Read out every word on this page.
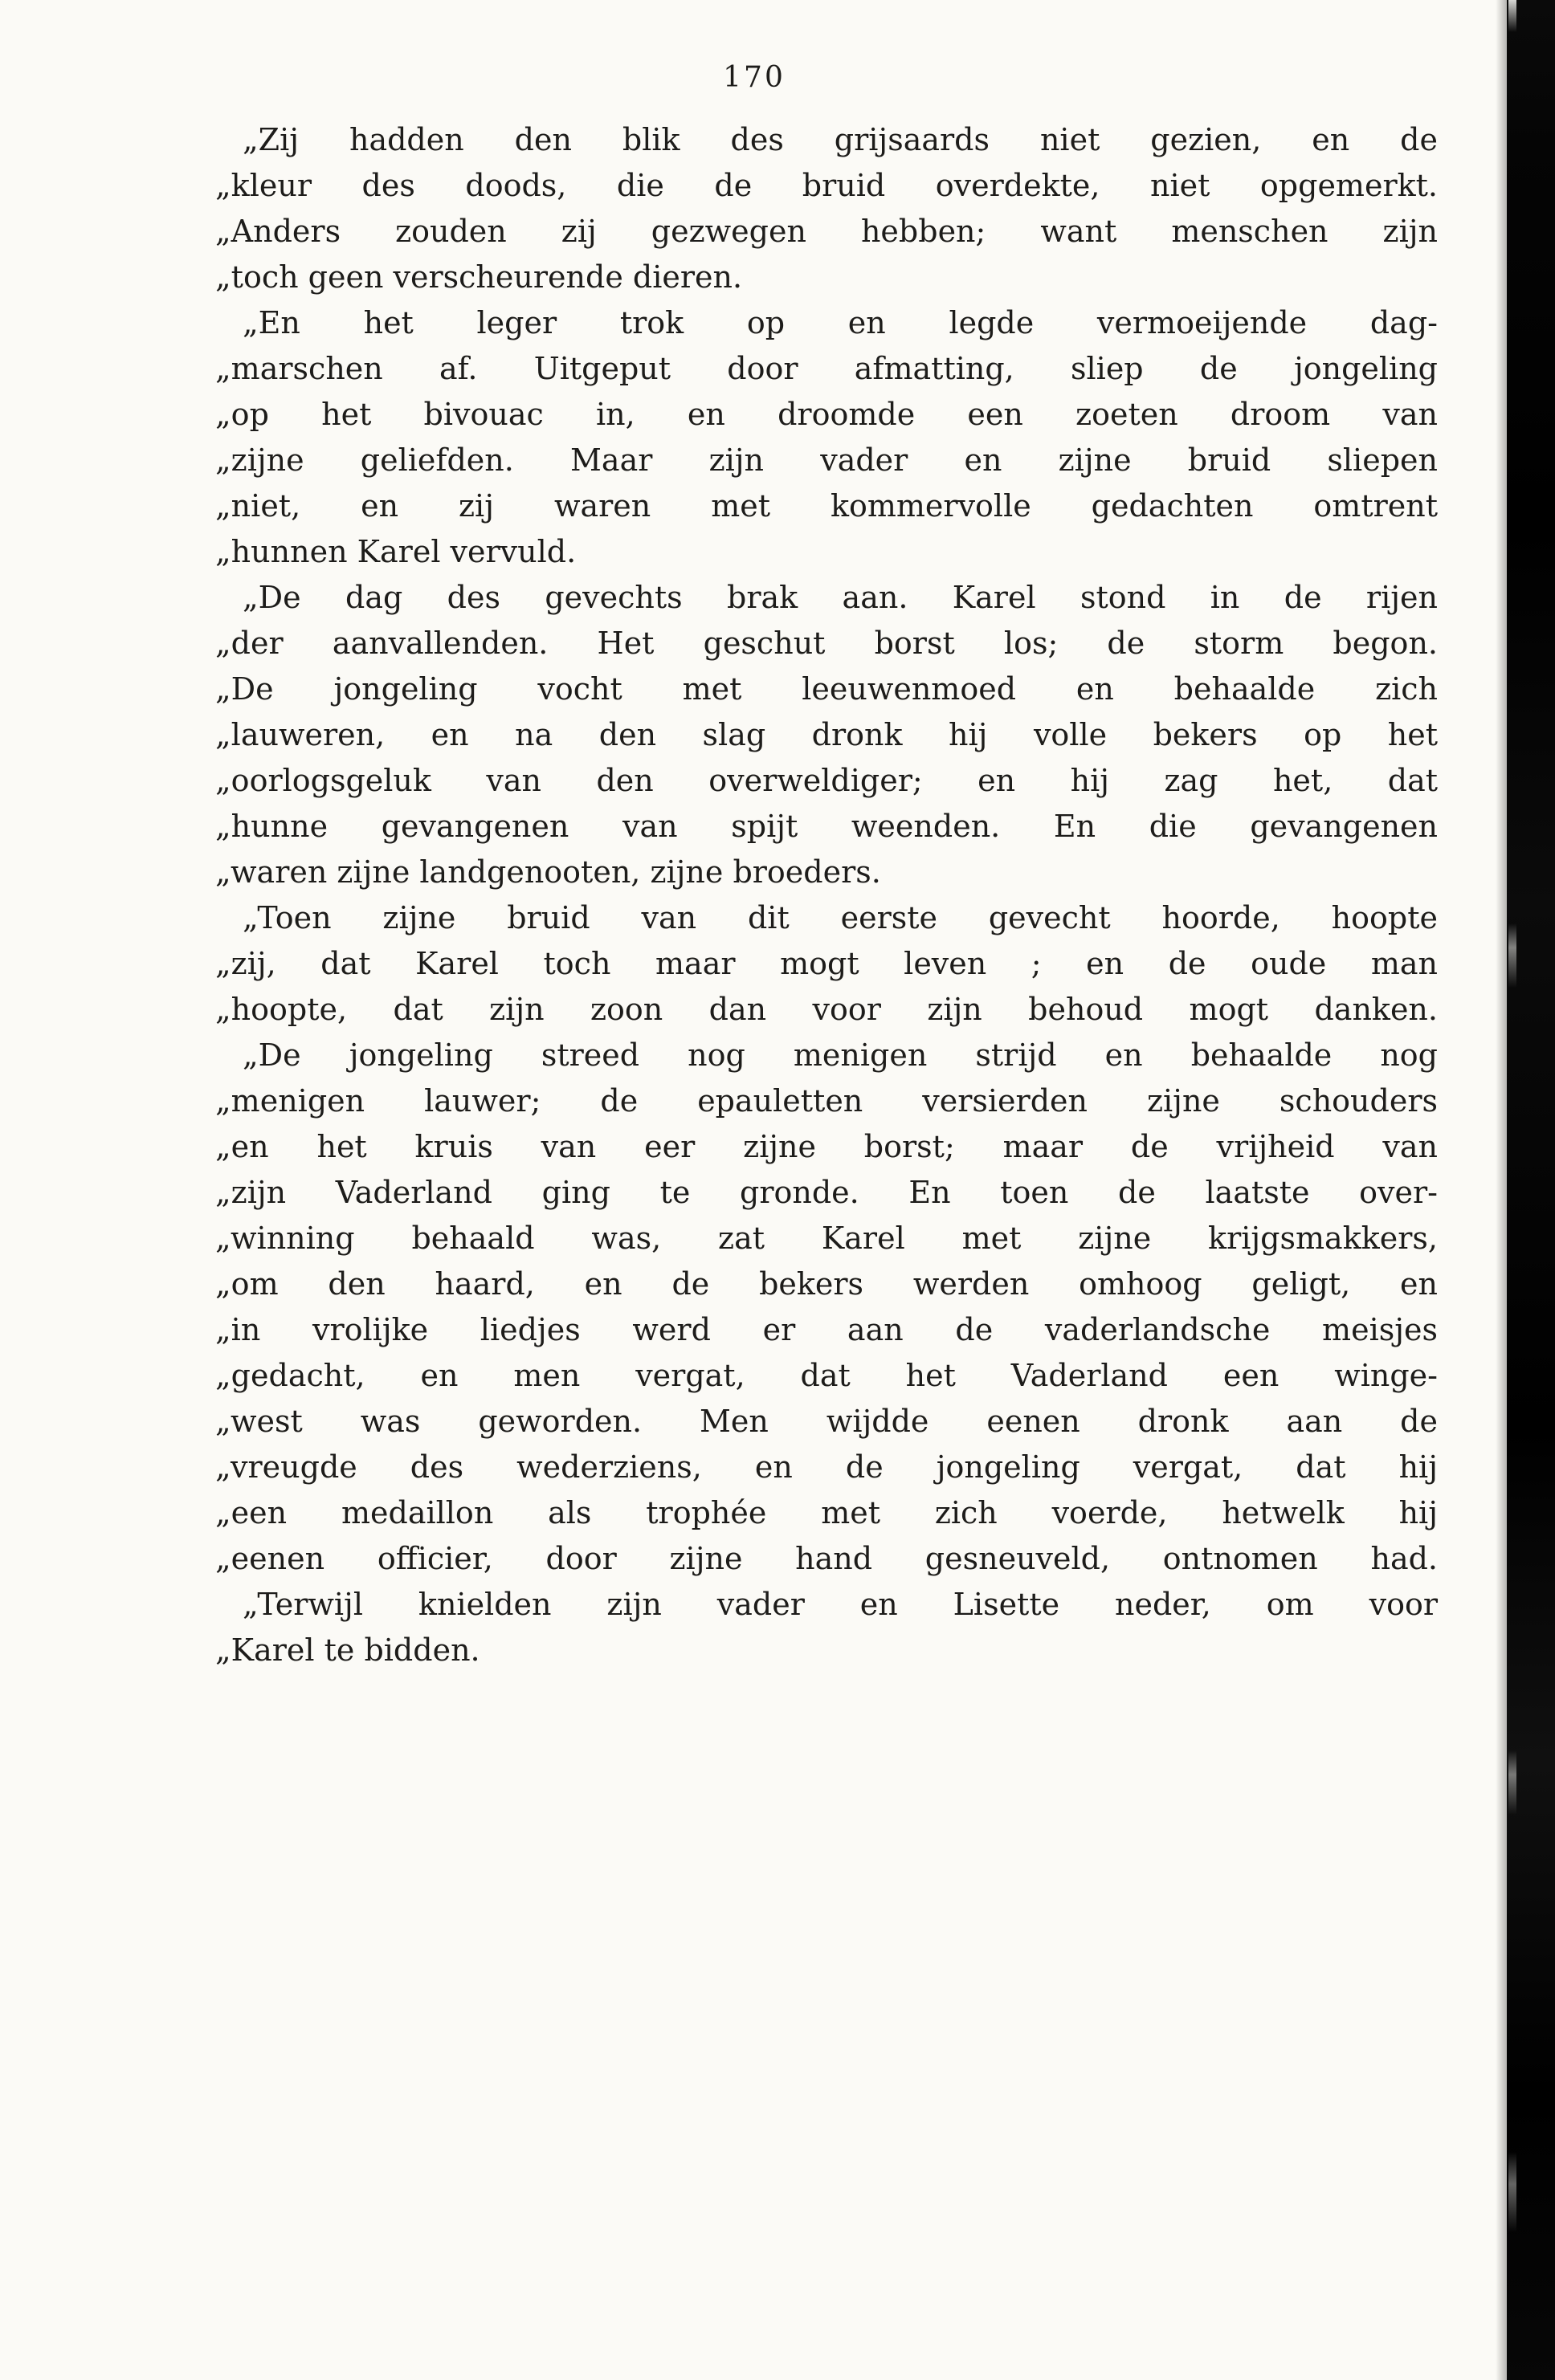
170

„Zij hadden den blik des grijsaards niet gezien, en de
„kleur des doods, die de bruid overdekte, niet opgemerkt.
„Anders zouden zij gezwegen hebben; want menschen zijn
„toch geen verscheurende dieren.

„En het leger trok op en legde vermoeijende dag-
„marschen af. Uitgeput door afmatting, sliep de jongeling
„op het bivouac in, en droomde een zoeten droom van
„zijne geliefden. Maar zijn vader en zijne bruid sliepen
„niet, en zij waren met kommervolle gedachten omtrent
„hunnen Karel vervuld.

„De dag des gevechts brak aan. Karel stond in de rijen
„der aanvallenden. Het geschut borst los; de storm begon.
„De jongeling vocht met leeuwenmoed en behaalde zich
„lauweren, en na den slag dronk hij volle bekers op het
„oorlogsgeluk van den overweldiger; en hij zag het, dat
„hunne gevangenen van spijt weenden. En die gevangenen
„waren zijne landgenooten, zijne broeders.

„Toen zijne bruid van dit eerste gevecht hoorde, hoopte
„zij, dat Karel toch maar mogt leven ; en de oude man
„hoopte, dat zijn zoon dan voor zijn behoud mogt danken.

„De jongeling streed nog menigen strijd en behaalde nog
„menigen lauwer; de epauletten versierden zijne schouders
„en het kruis van eer zijne borst; maar de vrijheid van
„zijn Vaderland ging te gronde. En toen de laatste over-
„winning behaald was, zat Karel met zijne krijgsmakkers,
„om den haard, en de bekers werden omhoog geligt, en
„in vrolijke liedjes werd er aan de vaderlandsche meisjes
„gedacht, en men vergat, dat het Vaderland een winge-
„west was geworden. Men wijdde eenen dronk aan de
„vreugde des wederziens, en de jongeling vergat, dat hij
„een medaillon als trophée met zich voerde, hetwelk hij
„eenen officier, door zijne hand gesneuveld, ontnomen had.

„Terwijl knielden zijn vader en Lisette neder, om voor
„Karel te bidden.
